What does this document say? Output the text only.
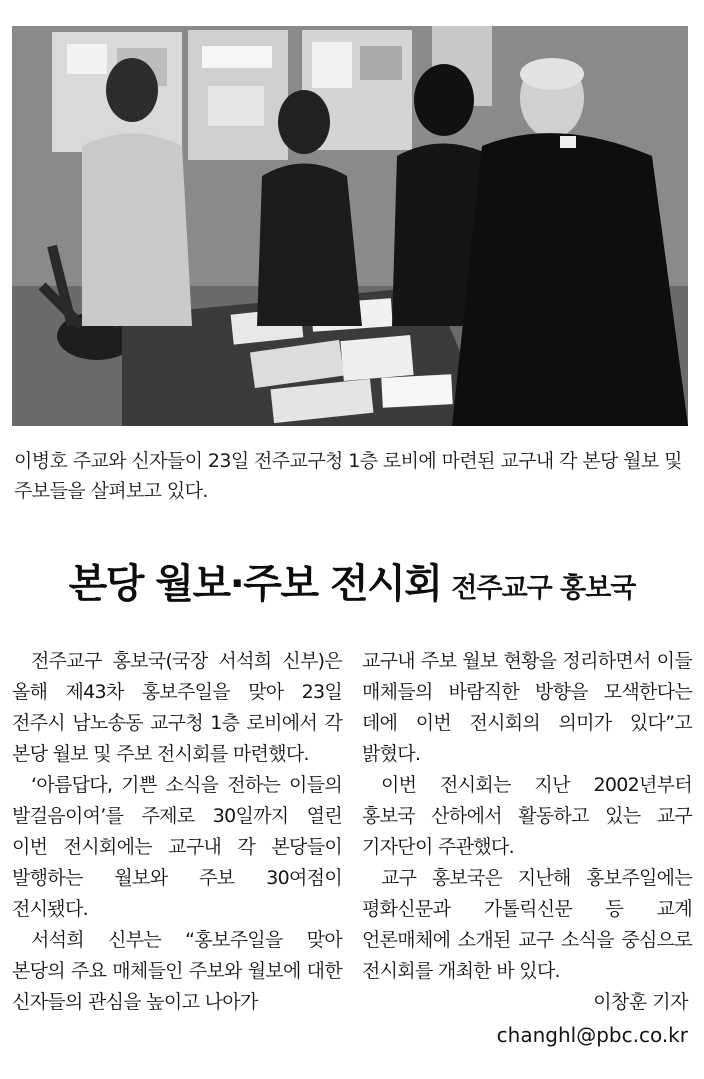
이병호 주교와 신자들이 23일 전주교구청 1층 로비에 마련된 교구내 각 본당 월보 및 주보들을 살펴보고 있다.
본당 월보·주보 전시회 전주교구 홍보국

전주교구 홍보국(국장 서석희 신부)은 올해 제43차 홍보주일을 맞아 23일 전주시 남노송동 교구청 1층 로비에서 각 본당 월보 및 주보 전시회를 마련했다.

‘아름답다, 기쁜 소식을 전하는 이들의 발걸음이여’를 주제로 30일까지 열린 이번 전시회에는 교구내 각 본당들이 발행하는 월보와 주보 30여점이 전시됐다.

서석희 신부는 “홍보주일을 맞아 본당의 주요 매체들인 주보와 월보에 대한 신자들의 관심을 높이고 나아가

교구내 주보 월보 현황을 정리하면서 이들 매체들의 바람직한 방향을 모색한다는 데에 이번 전시회의 의미가 있다”고 밝혔다.

이번 전시회는 지난 2002년부터 홍보국 산하에서 활동하고 있는 교구 기자단이 주관했다.

교구 홍보국은 지난해 홍보주일에는 평화신문과 가톨릭신문 등 교계 언론매체에 소개된 교구 소식을 중심으로 전시회를 개최한 바 있다.

이창훈 기자
changhl@pbc.co.kr
